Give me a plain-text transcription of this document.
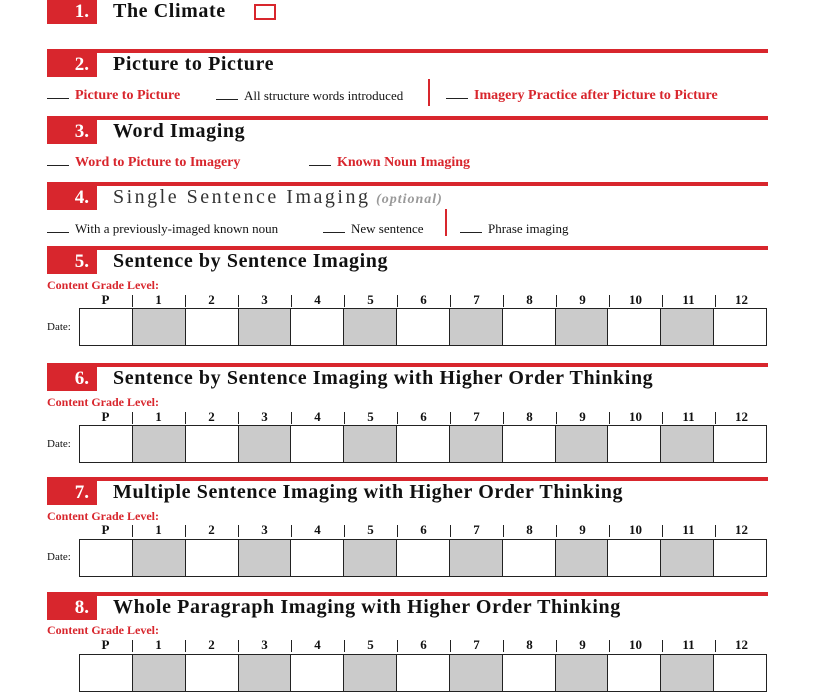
1.	The Climate
2.	Picture to Picture
Picture to Picture	All structure words introduced	Imagery Practice after Picture to Picture
3.	Word Imaging
Word to Picture to Imagery	Known Noun Imaging
4.	Single Sentence Imaging (optional)
With a previously-imaged known noun	New sentence	Phrase imaging
5.	Sentence by Sentence Imaging
Content Grade Level:
P	1	2	3	4	5	6	7	8	9	10	11	12
Date:
6.	Sentence by Sentence Imaging with Higher Order Thinking
Content Grade Level:
P	1	2	3	4	5	6	7	8	9	10	11	12
Date:
7.	Multiple Sentence Imaging with Higher Order Thinking
Content Grade Level:
P	1	2	3	4	5	6	7	8	9	10	11	12
Date:
8.	Whole Paragraph Imaging with Higher Order Thinking
Content Grade Level:
P	1	2	3	4	5	6	7	8	9	10	11	12
